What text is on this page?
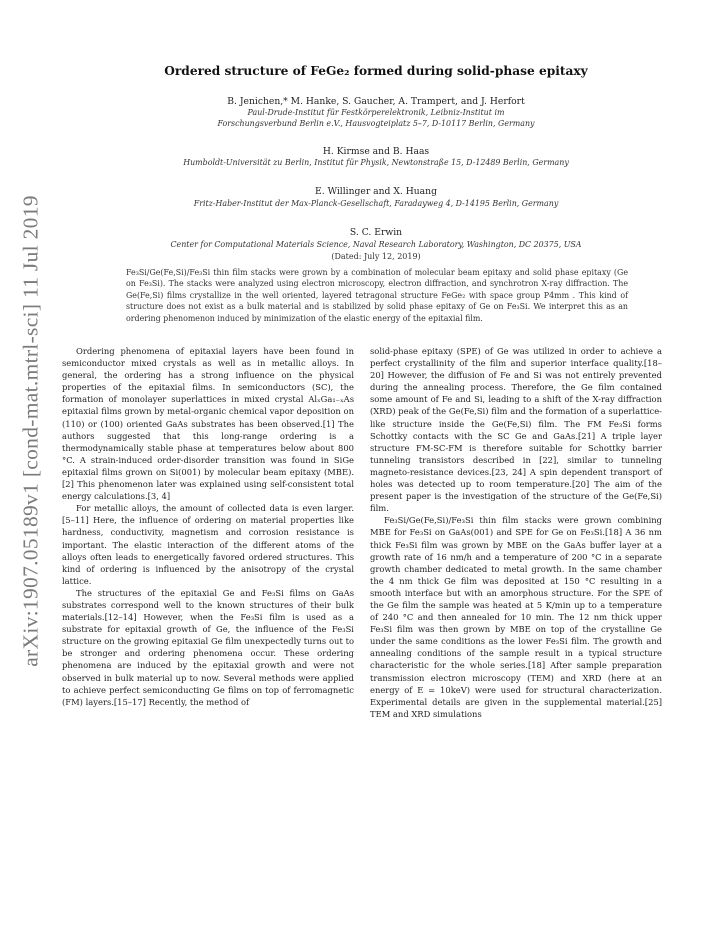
arXiv:1907.05189v1 [cond-mat.mtrl-sci] 11 Jul 2019
Ordered structure of FeGe₂ formed during solid-phase epitaxy
B. Jenichen,* M. Hanke, S. Gaucher, A. Trampert, and J. Herfort
Paul-Drude-Institut für Festkörperelektronik, Leibniz-Institut im
Forschungsverbund Berlin e.V., Hausvogteiplatz 5–7, D-10117 Berlin, Germany
H. Kirmse and B. Haas
Humboldt-Universität zu Berlin, Institut für Physik, Newtonstraße 15, D-12489 Berlin, Germany
E. Willinger and X. Huang
Fritz-Haber-Institut der Max-Planck-Gesellschaft, Faradayweg 4, D-14195 Berlin, Germany
S. C. Erwin
Center for Computational Materials Science, Naval Research Laboratory, Washington, DC 20375, USA
(Dated: July 12, 2019)
Fe₃Si/Ge(Fe,Si)/Fe₃Si thin film stacks were grown by a combination of molecular beam epitaxy and solid phase epitaxy (Ge on Fe₃Si). The stacks were analyzed using electron microscopy, electron diffraction, and synchrotron X-ray diffraction. The Ge(Fe,Si) films crystallize in the well oriented, layered tetragonal structure FeGe₂ with space group P4mm . This kind of structure does not exist as a bulk material and is stabilized by solid phase epitaxy of Ge on Fe₃Si. We interpret this as an ordering phenomenon induced by minimization of the elastic energy of the epitaxial film.

Ordering phenomena of epitaxial layers have been found in semiconductor mixed crystals as well as in metallic alloys. In general, the ordering has a strong influence on the physical properties of the epitaxial films. In semiconductors (SC), the formation of monolayer superlattices in mixed crystal AlₓGa₁₋ₓAs epitaxial films grown by metal-organic chemical vapor deposition on (110) or (100) oriented GaAs substrates has been observed.[1] The authors suggested that this long-range ordering is a thermodynamically stable phase at temperatures below about 800 °C. A strain-induced order-disorder transition was found in SiGe epitaxial films grown on Si(001) by molecular beam epitaxy (MBE).[2] This phenomenon later was explained using self-consistent total energy calculations.[3, 4]

For metallic alloys, the amount of collected data is even larger.[5–11] Here, the influence of ordering on material properties like hardness, conductivity, magnetism and corrosion resistance is important. The elastic interaction of the different atoms of the alloys often leads to energetically favored ordered structures. This kind of ordering is influenced by the anisotropy of the crystal lattice.

The structures of the epitaxial Ge and Fe₃Si films on GaAs substrates correspond well to the known structures of their bulk materials.[12–14] However, when the Fe₃Si film is used as a substrate for epitaxial growth of Ge, the influence of the Fe₃Si structure on the growing epitaxial Ge film unexpectedly turns out to be stronger and ordering phenomena occur. These ordering phenomena are induced by the epitaxial growth and were not observed in bulk material up to now. Several methods were applied to achieve perfect semiconducting Ge films on top of ferromagnetic (FM) layers.[15–17] Recently, the method of

solid-phase epitaxy (SPE) of Ge was utilized in order to achieve a perfect crystallinity of the film and superior interface quality.[18–20] However, the diffusion of Fe and Si was not entirely prevented during the annealing process. Therefore, the Ge film contained some amount of Fe and Si, leading to a shift of the X-ray diffraction (XRD) peak of the Ge(Fe,Si) film and the formation of a superlattice-like structure inside the Ge(Fe,Si) film. The FM Fe₃Si forms Schottky contacts with the SC Ge and GaAs.[21] A triple layer structure FM-SC-FM is therefore suitable for Schottky barrier tunneling transistors described in [22], similar to tunneling magneto-resistance devices.[23, 24] A spin dependent transport of holes was detected up to room temperature.[20] The aim of the present paper is the investigation of the structure of the Ge(Fe,Si) film.

Fe₃Si/Ge(Fe,Si)/Fe₃Si thin film stacks were grown combining MBE for Fe₃Si on GaAs(001) and SPE for Ge on Fe₃Si.[18] A 36 nm thick Fe₃Si film was grown by MBE on the GaAs buffer layer at a growth rate of 16 nm/h and a temperature of 200 °C in a separate growth chamber dedicated to metal growth. In the same chamber the 4 nm thick Ge film was deposited at 150 °C resulting in a smooth interface but with an amorphous structure. For the SPE of the Ge film the sample was heated at 5 K/min up to a temperature of 240 °C and then annealed for 10 min. The 12 nm thick upper Fe₃Si film was then grown by MBE on top of the crystalline Ge under the same conditions as the lower Fe₃Si film. The growth and annealing conditions of the sample result in a typical structure characteristic for the whole series.[18] After sample preparation transmission electron microscopy (TEM) and XRD (here at an energy of E = 10keV) were used for structural characterization. Experimental details are given in the supplemental material.[25] TEM and XRD simulations
